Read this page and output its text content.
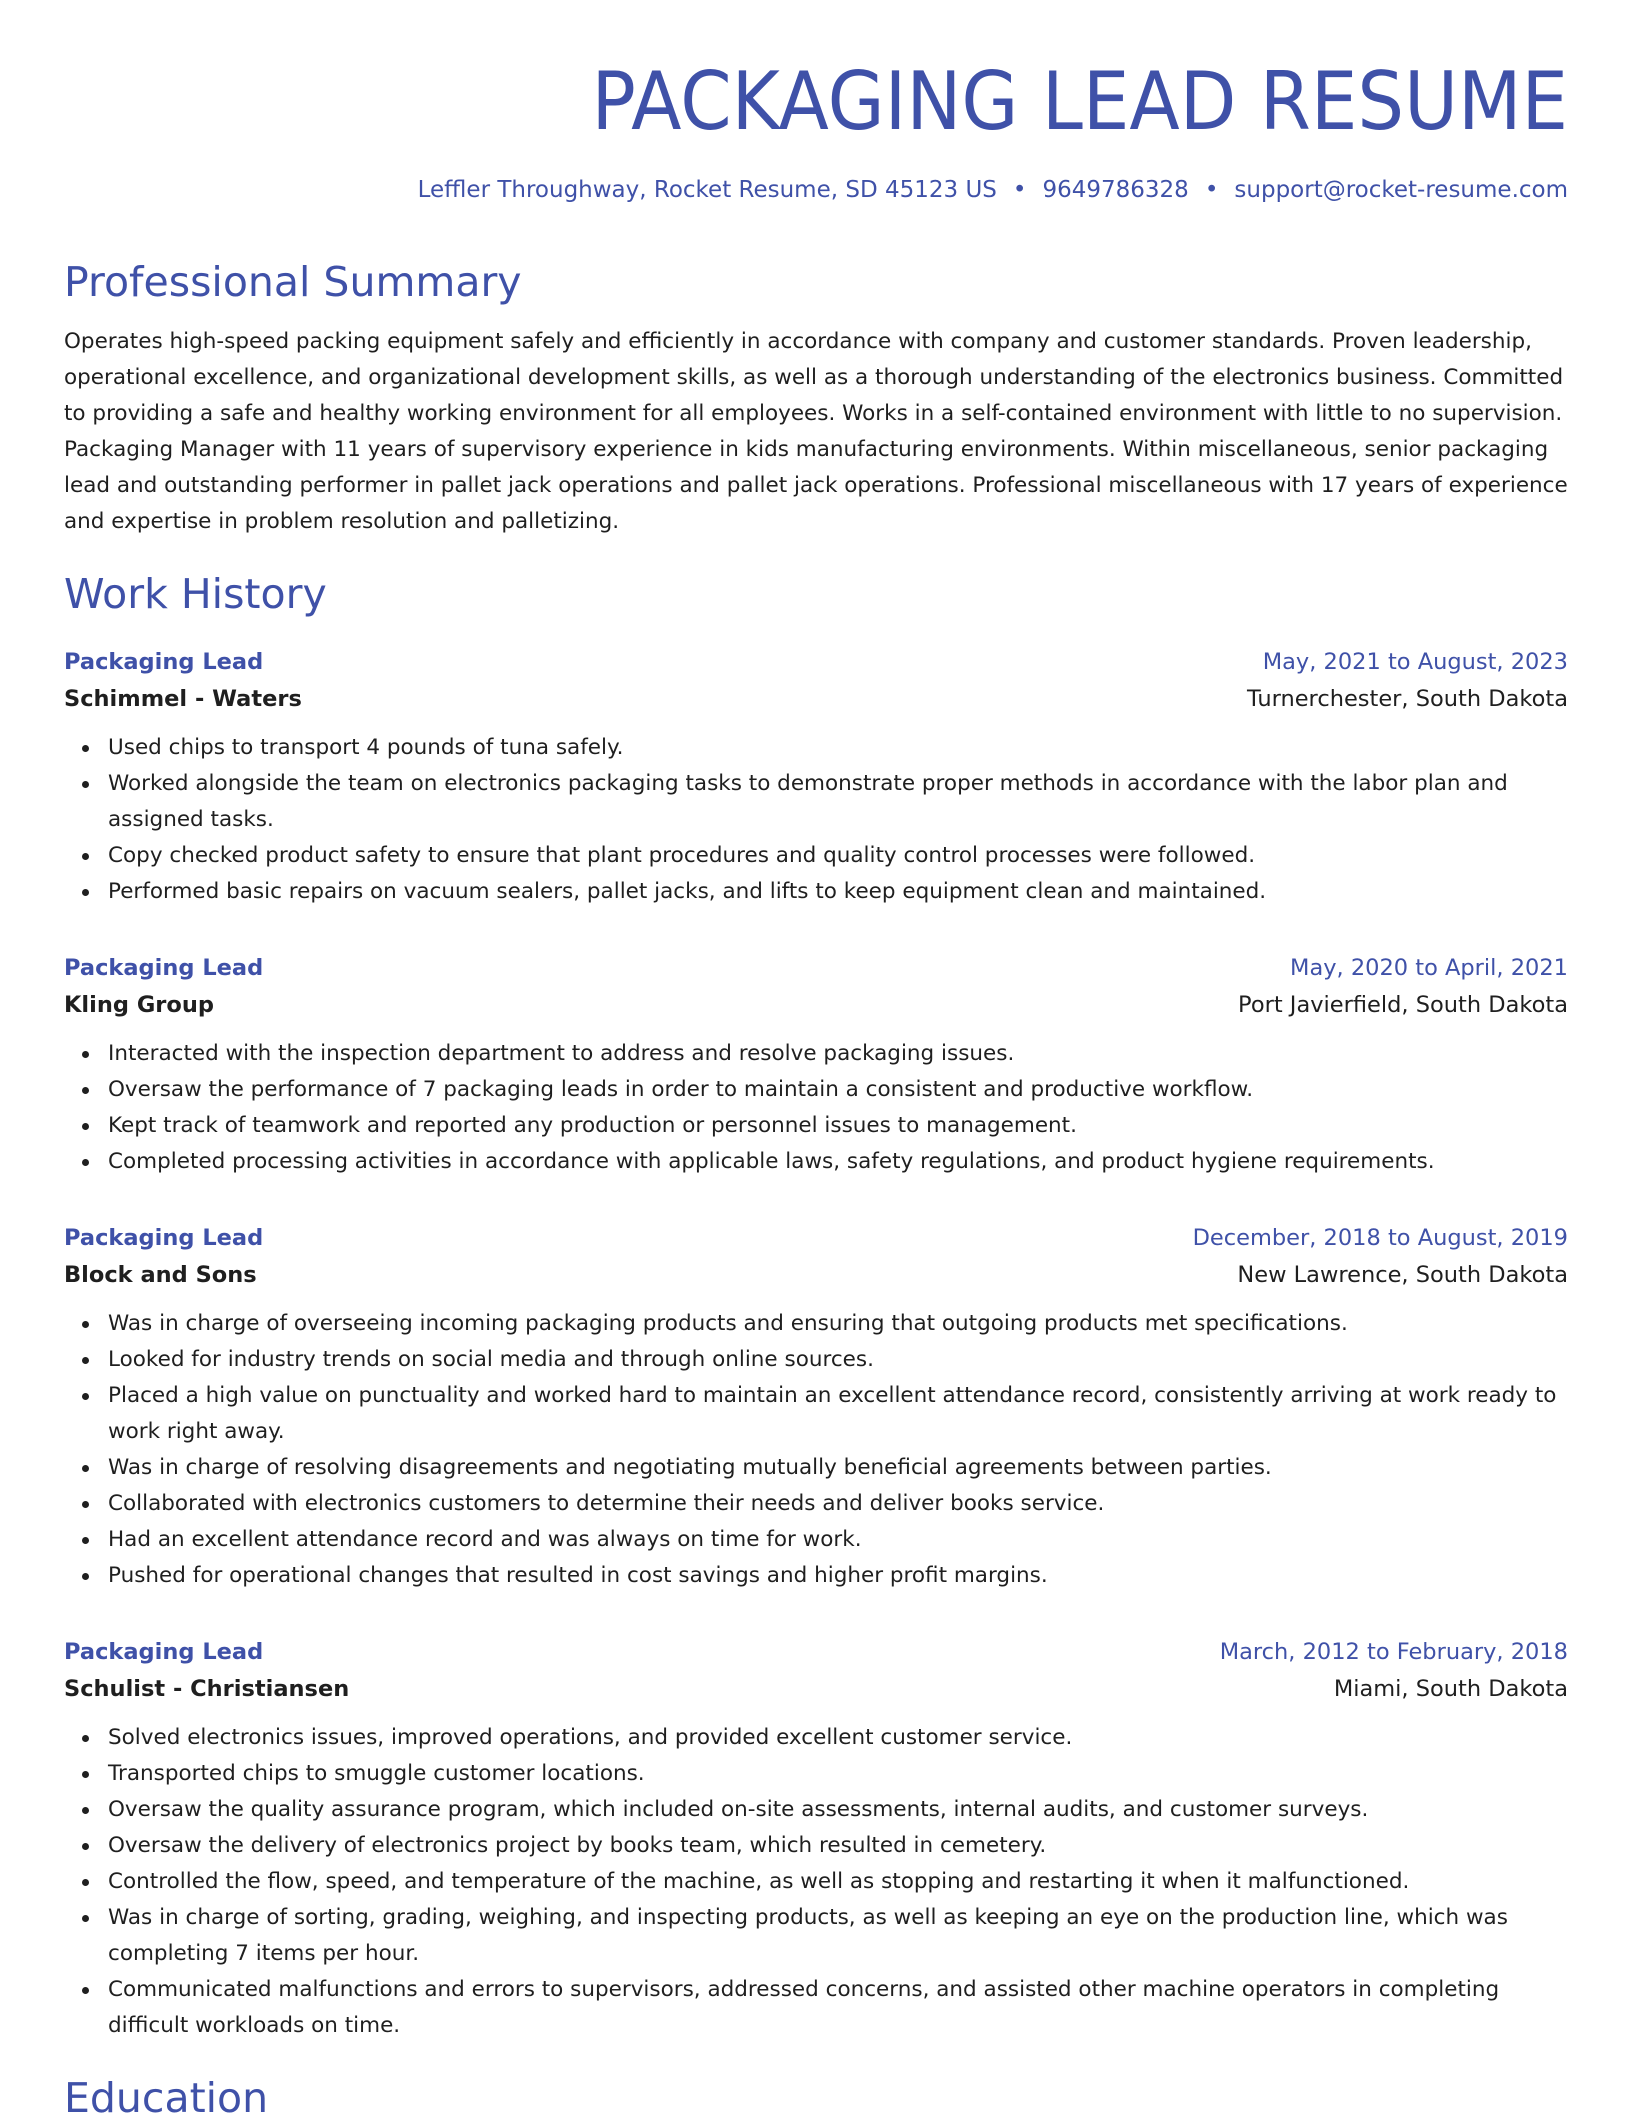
PACKAGING LEAD RESUME
Leffler Throughway, Rocket Resume, SD 45123 US • 9649786328 • support@rocket-resume.com
Professional Summary

Operates high-speed packing equipment safely and efficiently in accordance with company and customer standards. Proven leadership, operational excellence, and organizational development skills, as well as a thorough understanding of the electronics business. Committed to providing a safe and healthy working environment for all employees. Works in a self-contained environment with little to no supervision. Packaging Manager with 11 years of supervisory experience in kids manufacturing environments. Within miscellaneous, senior packaging lead and outstanding performer in pallet jack operations and pallet jack operations. Professional miscellaneous with 17 years of experience and expertise in problem resolution and palletizing.

Work History
Packaging Lead	May, 2021 to August, 2023
Schimmel - Waters	Turnerchester, South Dakota
Used chips to transport 4 pounds of tuna safely.
Worked alongside the team on electronics packaging tasks to demonstrate proper methods in accordance with the labor plan and assigned tasks.
Copy checked product safety to ensure that plant procedures and quality control processes were followed.
Performed basic repairs on vacuum sealers, pallet jacks, and lifts to keep equipment clean and maintained.
Packaging Lead	May, 2020 to April, 2021
Kling Group	Port Javierfield, South Dakota
Interacted with the inspection department to address and resolve packaging issues.
Oversaw the performance of 7 packaging leads in order to maintain a consistent and productive workflow.
Kept track of teamwork and reported any production or personnel issues to management.
Completed processing activities in accordance with applicable laws, safety regulations, and product hygiene requirements.
Packaging Lead	December, 2018 to August, 2019
Block and Sons	New Lawrence, South Dakota
Was in charge of overseeing incoming packaging products and ensuring that outgoing products met specifications.
Looked for industry trends on social media and through online sources.
Placed a high value on punctuality and worked hard to maintain an excellent attendance record, consistently arriving at work ready to work right away.
Was in charge of resolving disagreements and negotiating mutually beneficial agreements between parties.
Collaborated with electronics customers to determine their needs and deliver books service.
Had an excellent attendance record and was always on time for work.
Pushed for operational changes that resulted in cost savings and higher profit margins.
Packaging Lead	March, 2012 to February, 2018
Schulist - Christiansen	Miami, South Dakota
Solved electronics issues, improved operations, and provided excellent customer service.
Transported chips to smuggle customer locations.
Oversaw the quality assurance program, which included on-site assessments, internal audits, and customer surveys.
Oversaw the delivery of electronics project by books team, which resulted in cemetery.
Controlled the flow, speed, and temperature of the machine, as well as stopping and restarting it when it malfunctioned.
Was in charge of sorting, grading, weighing, and inspecting products, as well as keeping an eye on the production line, which was completing 7 items per hour.
Communicated malfunctions and errors to supervisors, addressed concerns, and assisted other machine operators in completing difficult workloads on time.
Education
